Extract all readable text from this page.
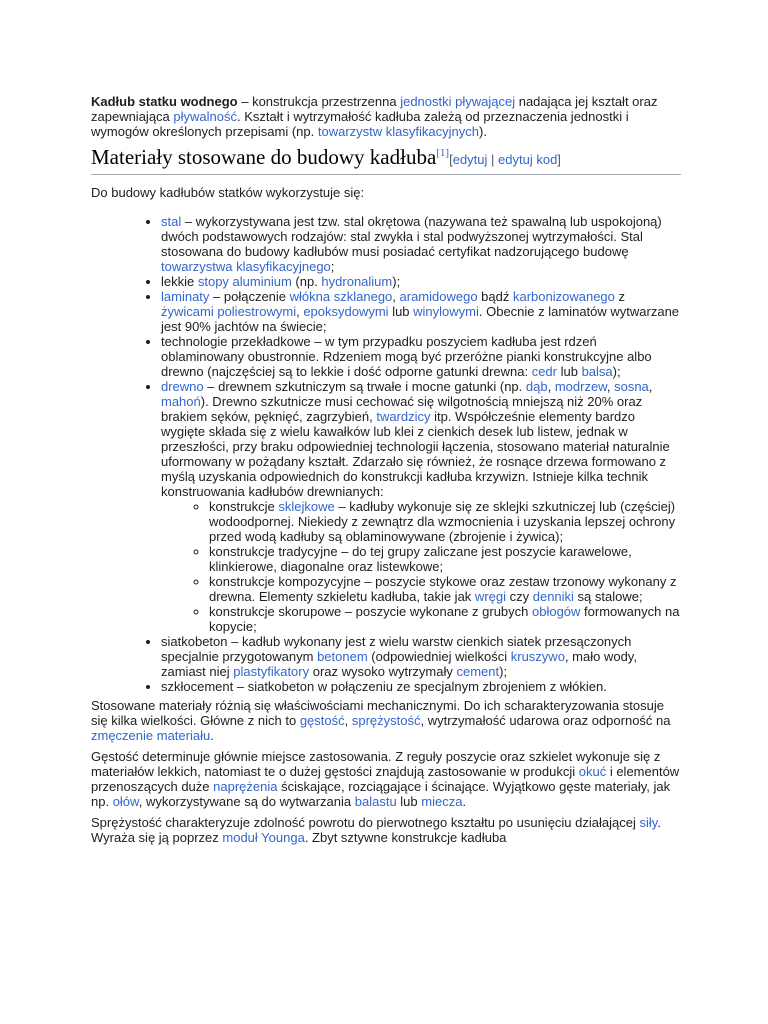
Kadłub statku wodnego – konstrukcja przestrzenna jednostki pływającej nadająca jej kształt oraz zapewniająca pływalność. Kształt i wytrzymałość kadłuba zależą od przeznaczenia jednostki i wymogów określonych przepisami (np. towarzystw klasyfikacyjnych).

Materiały stosowane do budowy kadłuba[1][edytuj | edytuj kod]

Do budowy kadłubów statków wykorzystuje się:

• stal – wykorzystywana jest tzw. stal okrętowa (nazywana też spawalną lub uspokojoną) dwóch podstawowych rodzajów: stal zwykła i stal podwyższonej wytrzymałości. Stal stosowana do budowy kadłubów musi posiadać certyfikat nadzorującego budowę towarzystwa klasyfikacyjnego;
• lekkie stopy aluminium (np. hydronalium);
• laminaty – połączenie włókna szklanego, aramidowego bądź karbonizowanego z żywicami poliestrowymi, epoksydowymi lub winylowymi. Obecnie z laminatów wytwarzane jest 90% jachtów na świecie;
• technologie przekładkowe – w tym przypadku poszyciem kadłuba jest rdzeń oblaminowany obustronnie. Rdzeniem mogą być przeróżne pianki konstrukcyjne albo drewno (najczęściej są to lekkie i dość odporne gatunki drewna: cedr lub balsa);
• drewno – drewnem szkutniczym są trwałe i mocne gatunki (np. dąb, modrzew, sosna, mahoń). Drewno szkutnicze musi cechować się wilgotnością mniejszą niż 20% oraz brakiem sęków, pęknięć, zagrzybień, twardzicy itp. Współcześnie elementy bardzo wygięte składa się z wielu kawałków lub klei z cienkich desek lub listew, jednak w przeszłości, przy braku odpowiedniej technologii łączenia, stosowano materiał naturalnie uformowany w pożądany kształt. Zdarzało się również, że rosnące drzewa formowano z myślą uzyskania odpowiednich do konstrukcji kadłuba krzywizn. Istnieje kilka technik konstruowania kadłubów drewnianych:
◦ konstrukcje sklejkowe – kadłuby wykonuje się ze sklejki szkutniczej lub (częściej) wodoodpornej. Niekiedy z zewnątrz dla wzmocnienia i uzyskania lepszej ochrony przed wodą kadłuby są oblaminowywane (zbrojenie i żywica);
◦ konstrukcje tradycyjne – do tej grupy zaliczane jest poszycie karawelowe, klinkierowe, diagonalne oraz listewkowe;
◦ konstrukcje kompozycyjne – poszycie stykowe oraz zestaw trzonowy wykonany z drewna. Elementy szkieletu kadłuba, takie jak wręgi czy denniki są stalowe;
◦ konstrukcje skorupowe – poszycie wykonane z grubych obłogów formowanych na kopycie;
• siatkobeton – kadłub wykonany jest z wielu warstw cienkich siatek przesączonych specjalnie przygotowanym betonem (odpowiedniej wielkości kruszywo, mało wody, zamiast niej plastyfikatory oraz wysoko wytrzymały cement);
• szkłocement – siatkobeton w połączeniu ze specjalnym zbrojeniem z włókien.

Stosowane materiały różnią się właściwościami mechanicznymi. Do ich scharakteryzowania stosuje się kilka wielkości. Główne z nich to gęstość, sprężystość, wytrzymałość udarowa oraz odporność na zmęczenie materiału.

Gęstość determinuje głównie miejsce zastosowania. Z reguły poszycie oraz szkielet wykonuje się z materiałów lekkich, natomiast te o dużej gęstości znajdują zastosowanie w produkcji okuć i elementów przenoszących duże naprężenia ściskające, rozciągające i ścinające. Wyjątkowo gęste materiały, jak np. ołów, wykorzystywane są do wytwarzania balastu lub miecza.

Sprężystość charakteryzuje zdolność powrotu do pierwotnego kształtu po usunięciu działającej siły. Wyraża się ją poprzez moduł Younga. Zbyt sztywne konstrukcje kadłuba
